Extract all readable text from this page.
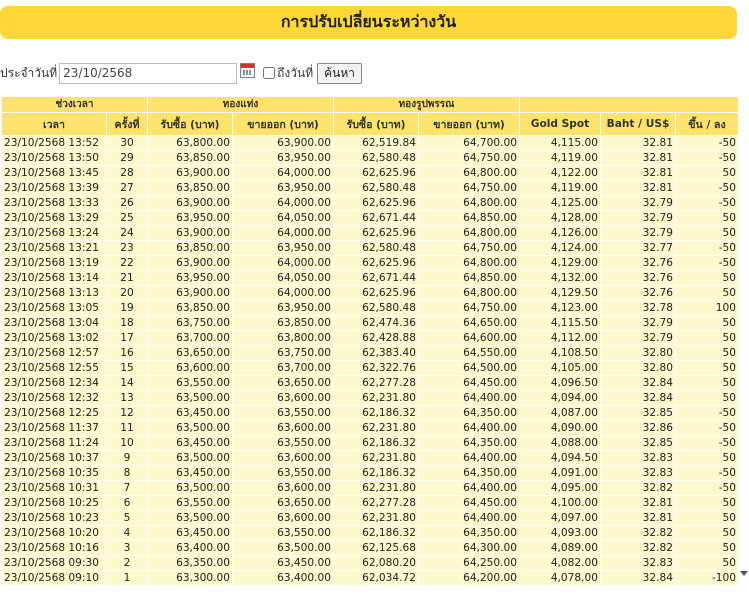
การปรับเปลี่ยนระหว่างวัน
ประจำวันที่
23/10/2568	ถึงวันที่ ค้นหา
ช่วงเวลา		ทองแท่ง		ทองรูปพรรณ				
เวลา	ครั้งที่	รับซื้อ (บาท)	ขายออก (บาท)	รับซื้อ (บาท)	ขายออก (บาท)	Gold Spot	Baht / US$	ขึ้น / ลง
23/10/2568 13:52	30	63,800.00	63,900.00	62,519.84	64,700.00	4,115.00	32.81	-50
23/10/2568 13:50	29	63,850.00	63,950.00	62,580.48	64,750.00	4,119.00	32.81	-50
23/10/2568 13:45	28	63,900.00	64,000.00	62,625.96	64,800.00	4,122.00	32.81	50
23/10/2568 13:39	27	63,850.00	63,950.00	62,580.48	64,750.00	4,119.00	32.81	-50
23/10/2568 13:33	26	63,900.00	64,000.00	62,625.96	64,800.00	4,125.00	32.79	-50
23/10/2568 13:29	25	63,950.00	64,050.00	62,671.44	64,850.00	4,128.00	32.79	50
23/10/2568 13:24	24	63,900.00	64,000.00	62,625.96	64,800.00	4,126.00	32.79	50
23/10/2568 13:21	23	63,850.00	63,950.00	62,580.48	64,750.00	4,124.00	32.77	-50
23/10/2568 13:19	22	63,900.00	64,000.00	62,625.96	64,800.00	4,129.00	32.76	-50
23/10/2568 13:14	21	63,950.00	64,050.00	62,671.44	64,850.00	4,132.00	32.76	50
23/10/2568 13:13	20	63,900.00	64,000.00	62,625.96	64,800.00	4,129.50	32.76	50
23/10/2568 13:05	19	63,850.00	63,950.00	62,580.48	64,750.00	4,123.00	32.78	100
23/10/2568 13:04	18	63,750.00	63,850.00	62,474.36	64,650.00	4,115.50	32.79	50
23/10/2568 13:02	17	63,700.00	63,800.00	62,428.88	64,600.00	4,112.00	32.79	50
23/10/2568 12:57	16	63,650.00	63,750.00	62,383.40	64,550.00	4,108.50	32.80	50
23/10/2568 12:55	15	63,600.00	63,700.00	62,322.76	64,500.00	4,105.00	32.80	50
23/10/2568 12:34	14	63,550.00	63,650.00	62,277.28	64,450.00	4,096.50	32.84	50
23/10/2568 12:32	13	63,500.00	63,600.00	62,231.80	64,400.00	4,094.00	32.84	50
23/10/2568 12:25	12	63,450.00	63,550.00	62,186.32	64,350.00	4,087.00	32.85	-50
23/10/2568 11:37	11	63,500.00	63,600.00	62,231.80	64,400.00	4,090.00	32.86	-50
23/10/2568 11:24	10	63,450.00	63,550.00	62,186.32	64,350.00	4,088.00	32.85	-50
23/10/2568 10:37	9	63,500.00	63,600.00	62,231.80	64,400.00	4,094.50	32.83	50
23/10/2568 10:35	8	63,450.00	63,550.00	62,186.32	64,350.00	4,091.00	32.83	-50
23/10/2568 10:31	7	63,500.00	63,600.00	62,231.80	64,400.00	4,095.00	32.82	-50
23/10/2568 10:25	6	63,550.00	63,650.00	62,277.28	64,450.00	4,100.00	32.81	50
23/10/2568 10:23	5	63,500.00	63,600.00	62,231.80	64,400.00	4,097.00	32.81	50
23/10/2568 10:20	4	63,450.00	63,550.00	62,186.32	64,350.00	4,093.00	32.82	50
23/10/2568 10:16	3	63,400.00	63,500.00	62,125.68	64,300.00	4,089.00	32.82	50
23/10/2568 09:30	2	63,350.00	63,450.00	62,080.20	64,250.00	4,082.00	32.83	50
23/10/2568 09:10	1	63,300.00	63,400.00	62,034.72	64,200.00	4,078.00	32.84	-100
